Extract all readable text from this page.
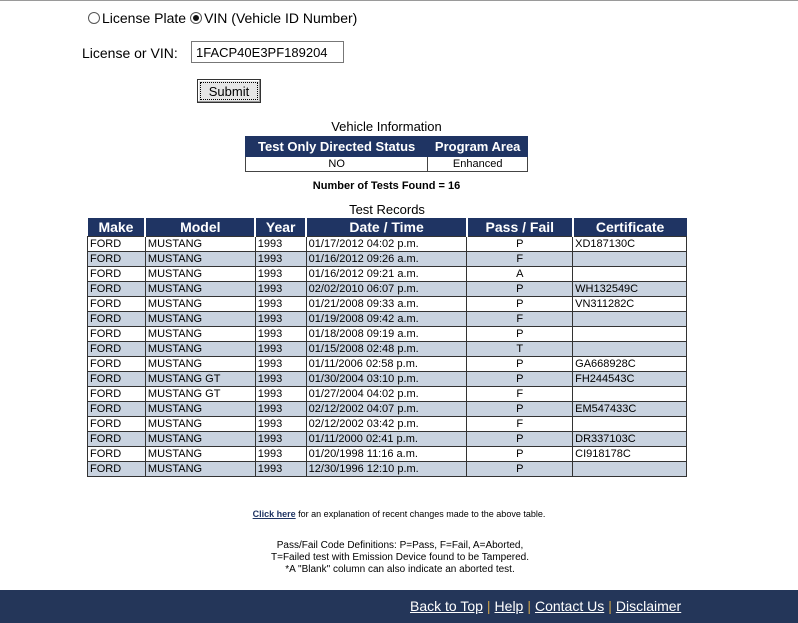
License Plate VIN (Vehicle ID Number)
License or VIN:
1FACP40E3PF189204
Submit
Vehicle Information
Test Only Directed Status	Program Area
NO	Enhanced
Number of Tests Found = 16
Test Records
Make	Model	Year	Date / Time	Pass / Fail	Certificate
FORD	MUSTANG	1993	01/17/2012 04:02 p.m.	P	XD187130C
FORD	MUSTANG	1993	01/16/2012 09:26 a.m.	F	
FORD	MUSTANG	1993	01/16/2012 09:21 a.m.	A	
FORD	MUSTANG	1993	02/02/2010 06:07 p.m.	P	WH132549C
FORD	MUSTANG	1993	01/21/2008 09:33 a.m.	P	VN311282C
FORD	MUSTANG	1993	01/19/2008 09:42 a.m.	F	
FORD	MUSTANG	1993	01/18/2008 09:19 a.m.	P	
FORD	MUSTANG	1993	01/15/2008 02:48 p.m.	T	
FORD	MUSTANG	1993	01/11/2006 02:58 p.m.	P	GA668928C
FORD	MUSTANG GT	1993	01/30/2004 03:10 p.m.	P	FH244543C
FORD	MUSTANG GT	1993	01/27/2004 04:02 p.m.	F	
FORD	MUSTANG	1993	02/12/2002 04:07 p.m.	P	EM547433C
FORD	MUSTANG	1993	02/12/2002 03:42 p.m.	F	
FORD	MUSTANG	1993	01/11/2000 02:41 p.m.	P	DR337103C
FORD	MUSTANG	1993	01/20/1998 11:16 a.m.	P	CI918178C
FORD	MUSTANG	1993	12/30/1996 12:10 p.m.	P	
Click here for an explanation of recent changes made to the above table.
Pass/Fail Code Definitions: P=Pass, F=Fail, A=Aborted,
T=Failed test with Emission Device found to be Tampered.
*A "Blank" column can also indicate an aborted test.
Back to Top | Help | Contact Us | Disclaimer
